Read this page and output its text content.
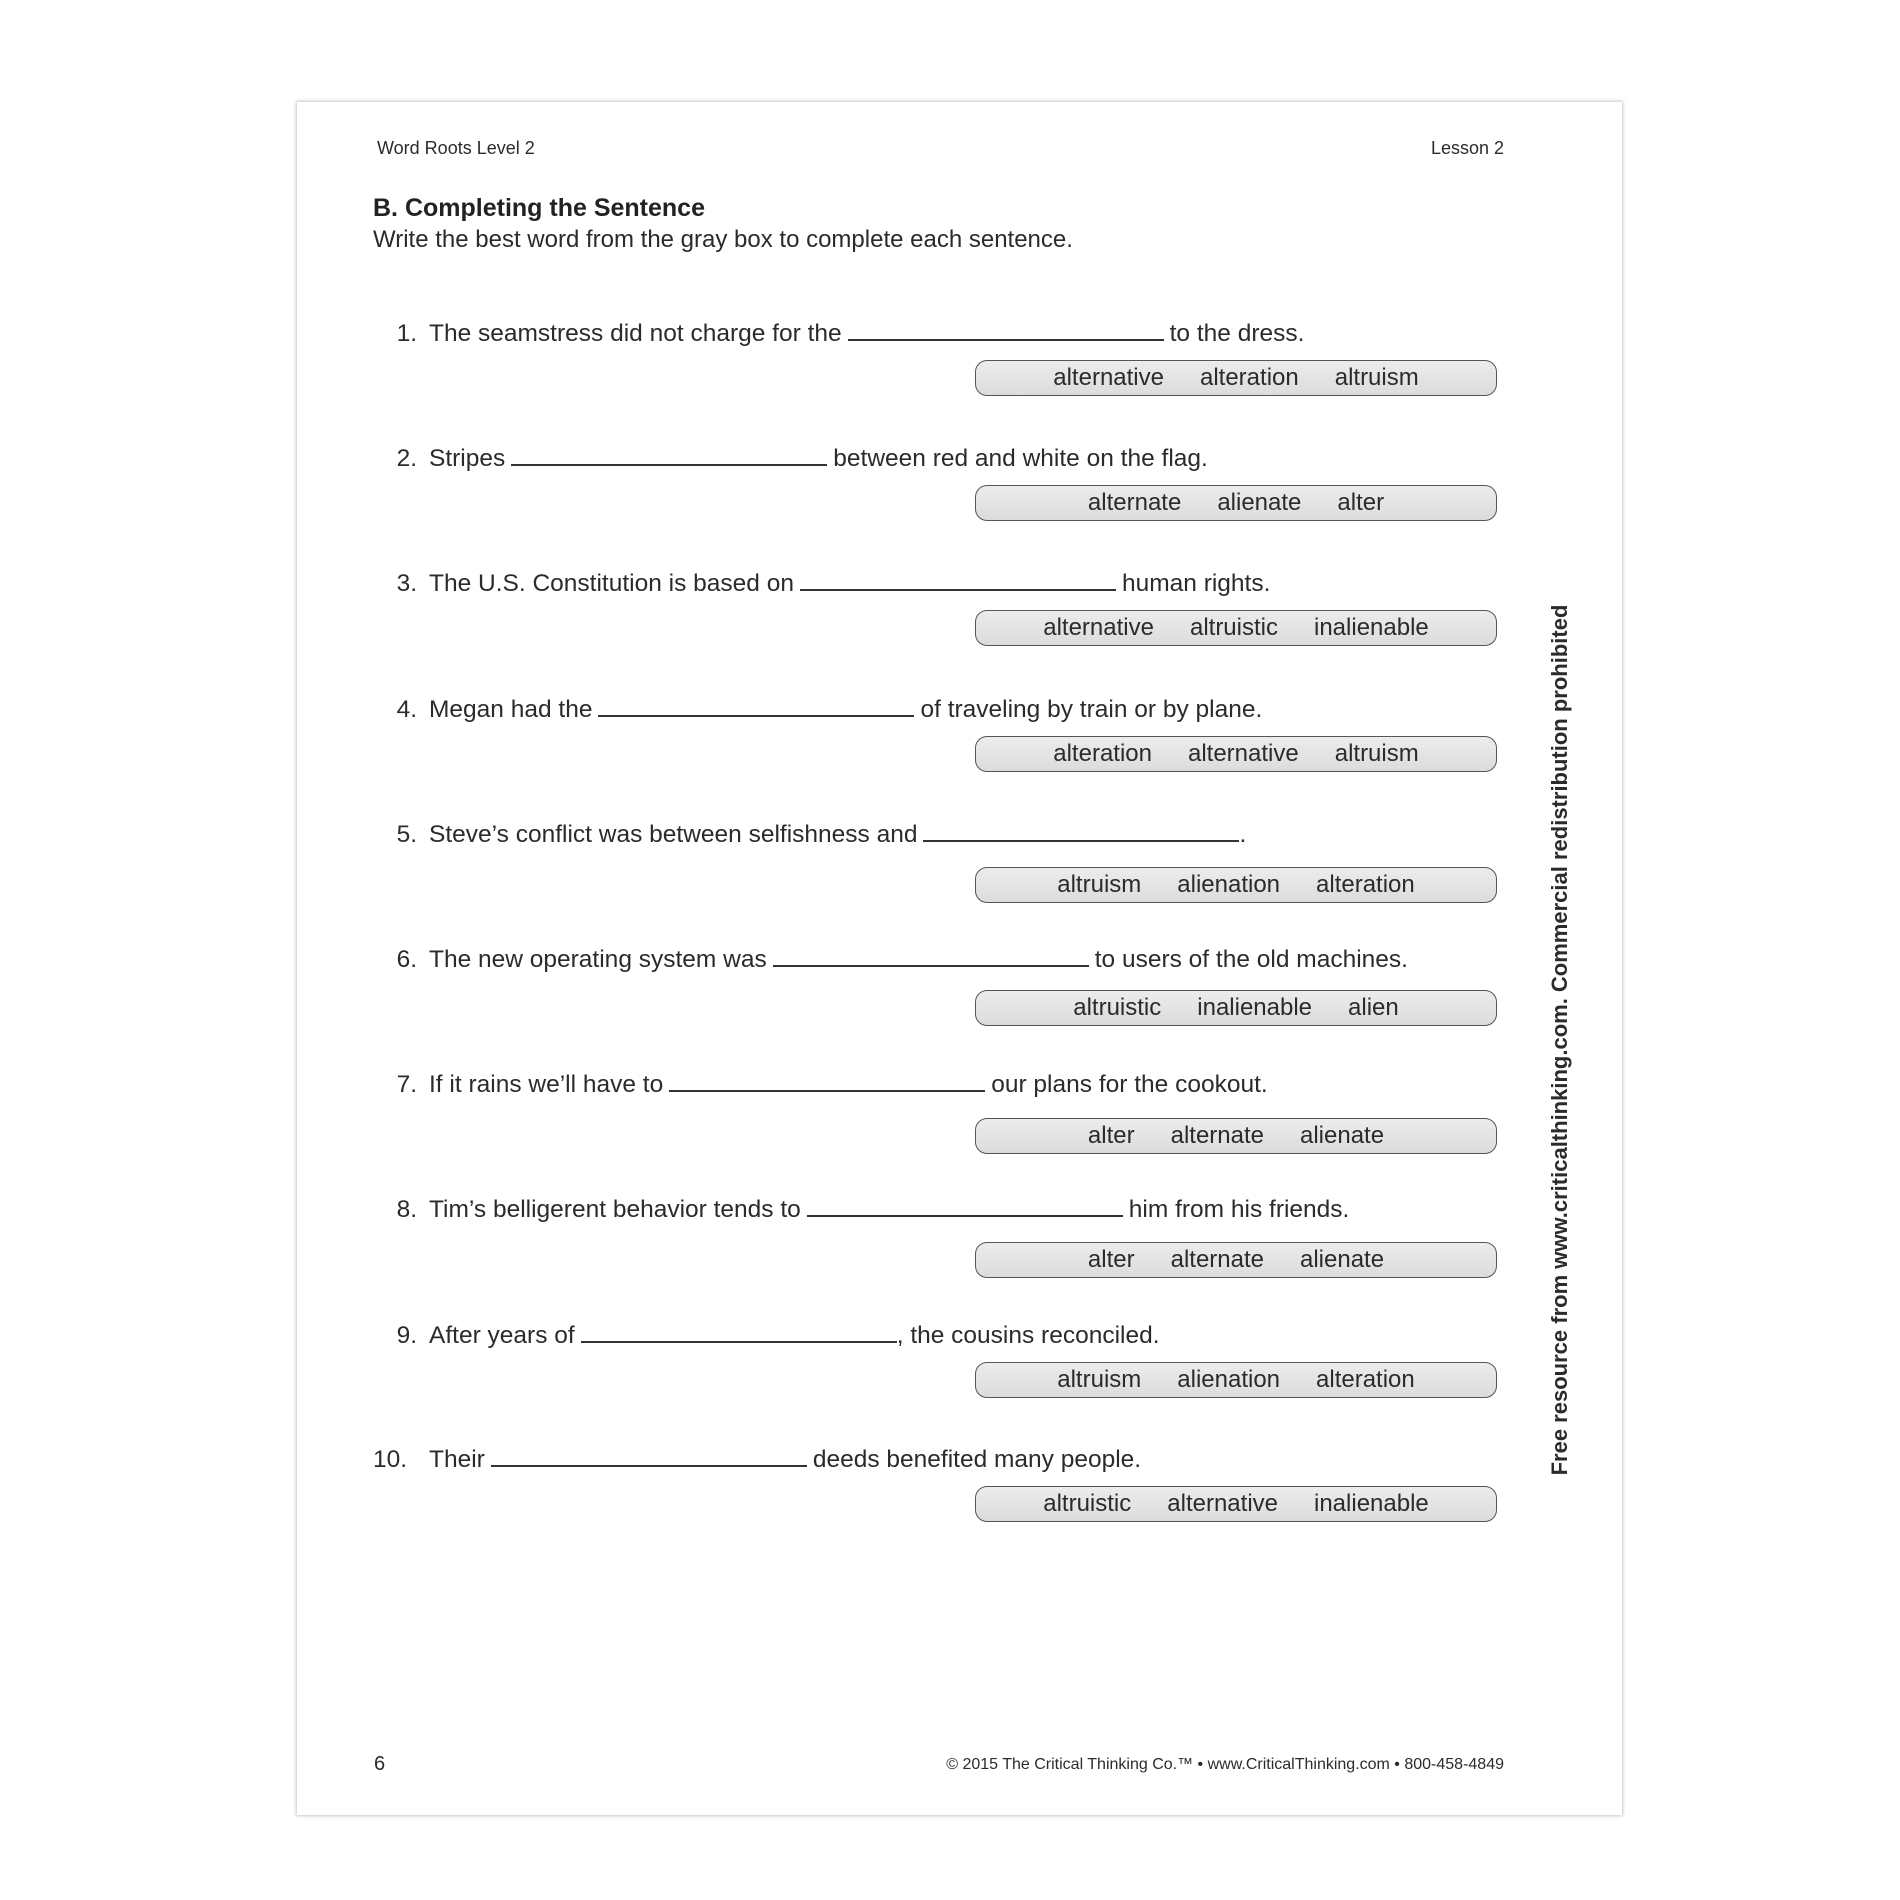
Word Roots Level 2	Lesson 2
B. Completing the Sentence
Write the best word from the gray box to complete each sentence.
1. The seamstress did not charge for the	to the dress.
alternative alteration altruism
2. Stripes	between red and white on the flag.
alternate alienate alter
3. The U.S. Constitution is based on	human rights.
alternative altruistic inalienable
4. Megan had the	of traveling by train or by plane.
alteration alternative altruism
5. Steve’s conflict was between selfishness and	.
altruism alienation alteration
6. The new operating system was	to users of the old machines.
altruistic inalienable alien
7. If it rains we’ll have to	our plans for the cookout.
alter alternate alienate
8. Tim’s belligerent behavior tends to	him from his friends.
alter alternate alienate
9. After years of	, the cousins reconciled.
altruism alienation alteration
10. Their	deeds benefited many people.
altruistic alternative inalienable
6	© 2015 The Critical Thinking Co.™ • www.CriticalThinking.com • 800-458-4849
Free resource from www.criticalthinking.com. Commercial redistribution prohibited
